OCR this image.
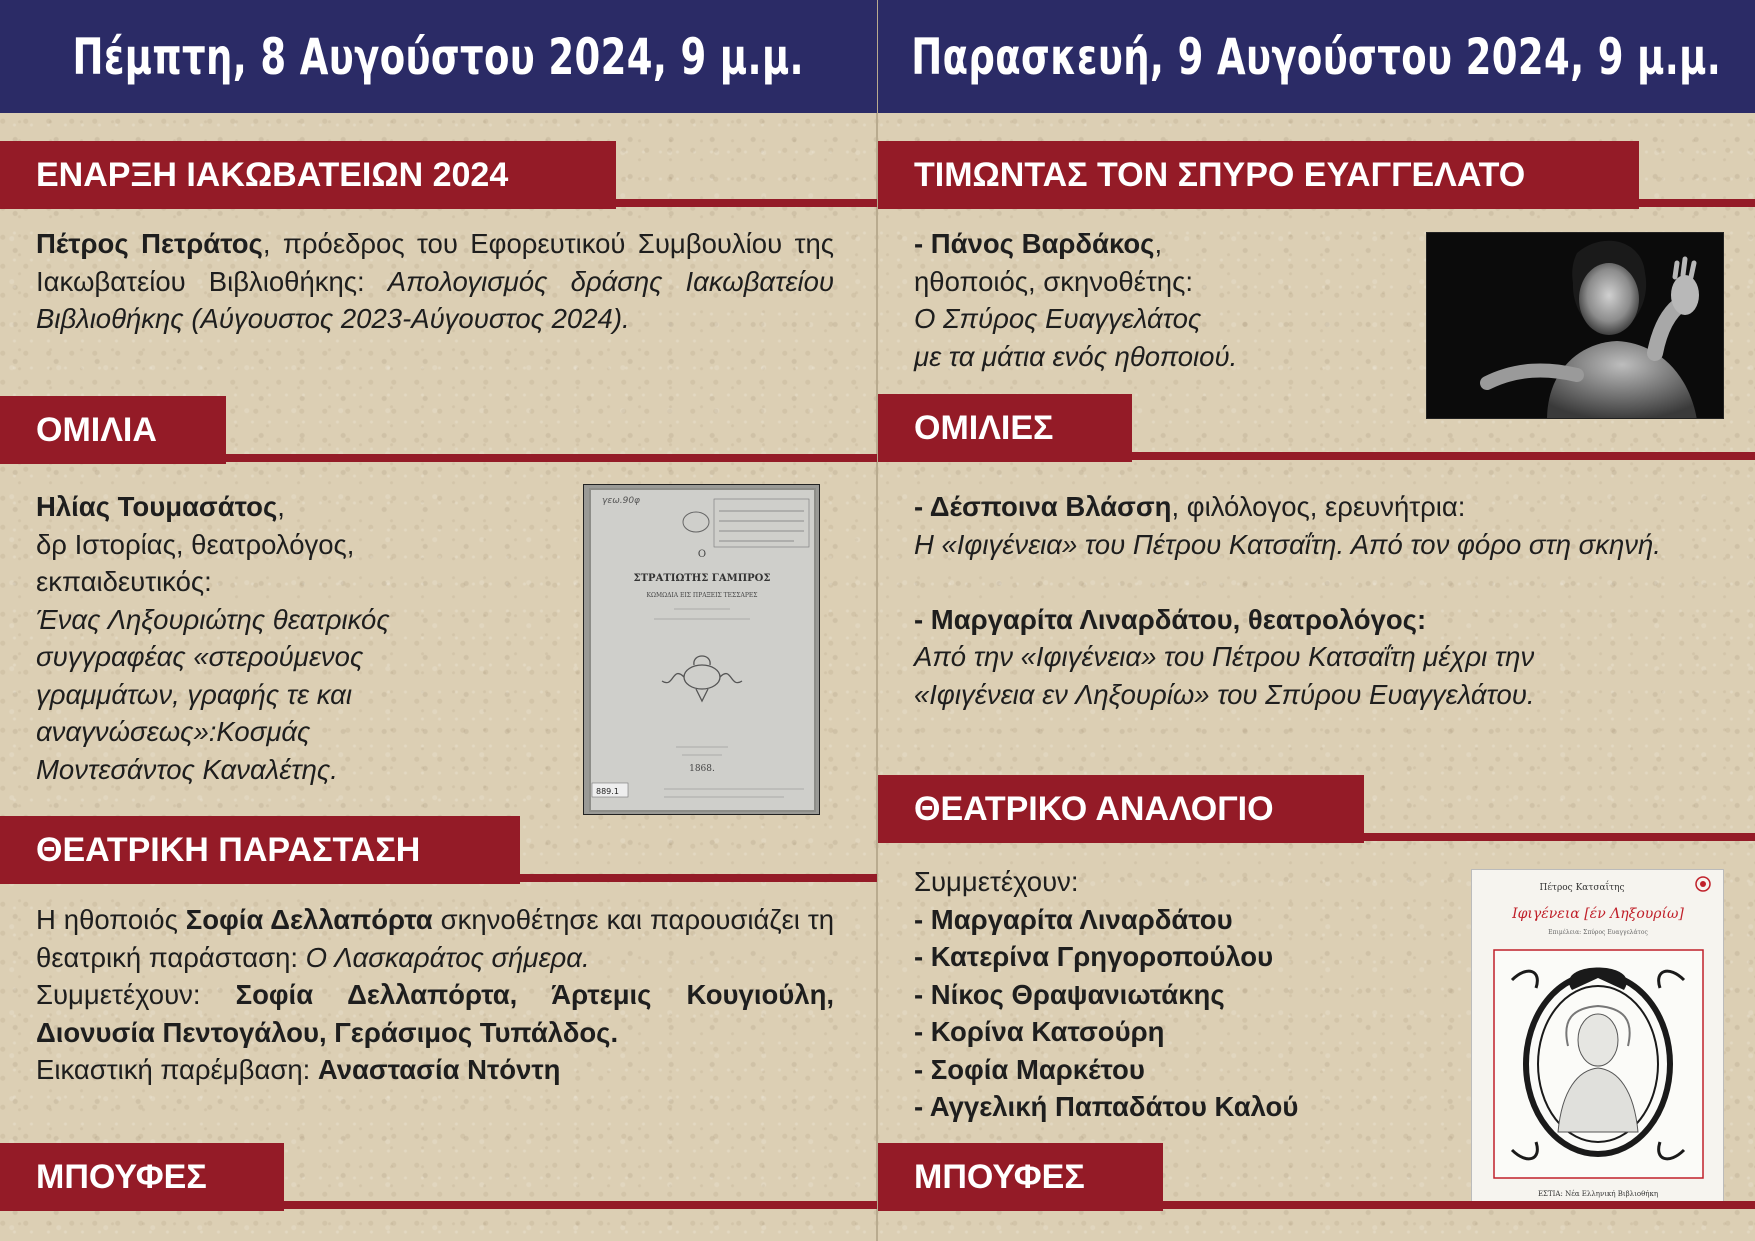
Πέμπτη, 8 Αυγούστου 2024, 9 μ.μ.
ΕΝΑΡΞΗ ΙΑΚΩΒΑΤΕΙΩΝ 2024
Πέτρος Πετράτος, πρόεδρος του Εφορευτικού Συμβουλίου της Ιακωβατείου Βιβλιοθήκης: Απολογισμός δράσης Ιακωβατείου Βιβλιοθήκης (Αύγουστος 2023-Αύγουστος 2024).
ΟΜΙΛΙΑ
Ηλίας Τουμασάτος,
δρ Ιστορίας, θεατρολόγος,
εκπαιδευτικός:
Ένας Ληξουριώτης θεατρικός
συγγραφέας «στερούμενος
γραμμάτων, γραφής τε και
αναγνώσεως»:Κοσμάς
Μοντεσάντος Καναλέτης.
γεω.90φ
Ο
ΣΤΡΑΤΙΩΤΗΣ ΓΑΜΠΡΟΣ
ΚΩΜΩΔΙΑ ΕΙΣ ΠΡΑΞΕΙΣ ΤΕΣΣΑΡΕΣ
1868.
889.1
ΘΕΑΤΡΙΚΗ ΠΑΡΑΣΤΑΣΗ
Η ηθοποιός Σοφία Δελλαπόρτα σκηνοθέτησε και παρουσιάζει τη θεατρική παράσταση: Ο Λασκαράτος σήμερα.
Συμμετέχουν: Σοφία Δελλαπόρτα, Άρτεμις Κουγιούλη, Διονυσία Πεντογάλου, Γεράσιμος Τυπάλδος.
Εικαστική παρέμβαση: Αναστασία Ντόντη
ΜΠΟΥΦΕΣ
Παρασκευή, 9 Αυγούστου 2024, 9 μ.μ.
ΤΙΜΩΝΤΑΣ ΤΟΝ ΣΠΥΡΟ ΕΥΑΓΓΕΛΑΤΟ
- Πάνος Βαρδάκος,
ηθοποιός, σκηνοθέτης:
Ο Σπύρος Ευαγγελάτος
με τα μάτια ενός ηθοποιού.
ΟΜΙΛΙΕΣ
- Δέσποινα Βλάσση, φιλόλογος, ερευνήτρια:
Η «Ιφιγένεια» του Πέτρου Κατσαΐτη. Από τον φόρο στη σκηνή.
- Μαργαρίτα Λιναρδάτου, θεατρολόγος:
Από την «Ιφιγένεια» του Πέτρου Κατσαΐτη μέχρι την
«Ιφιγένεια εν Ληξουρίω» του Σπύρου Ευαγγελάτου.
ΘΕΑΤΡΙΚΟ ΑΝΑΛΟΓΙΟ
Συμμετέχουν:
- Μαργαρίτα Λιναρδάτου
- Κατερίνα Γρηγοροπούλου
- Νίκος Θραψανιωτάκης
- Κορίνα Κατσούρη
- Σοφία Μαρκέτου
- Αγγελική Παπαδάτου Καλού
Πέτρος Κατσαΐτης
Ιφιγένεια [έν Ληξουρίω]
Επιμέλεια: Σπύρος Ευαγγελάτος
ΕΣΤΙΑ: Νέα Ελληνική Βιβλιοθήκη
ΜΠΟΥΦΕΣ
